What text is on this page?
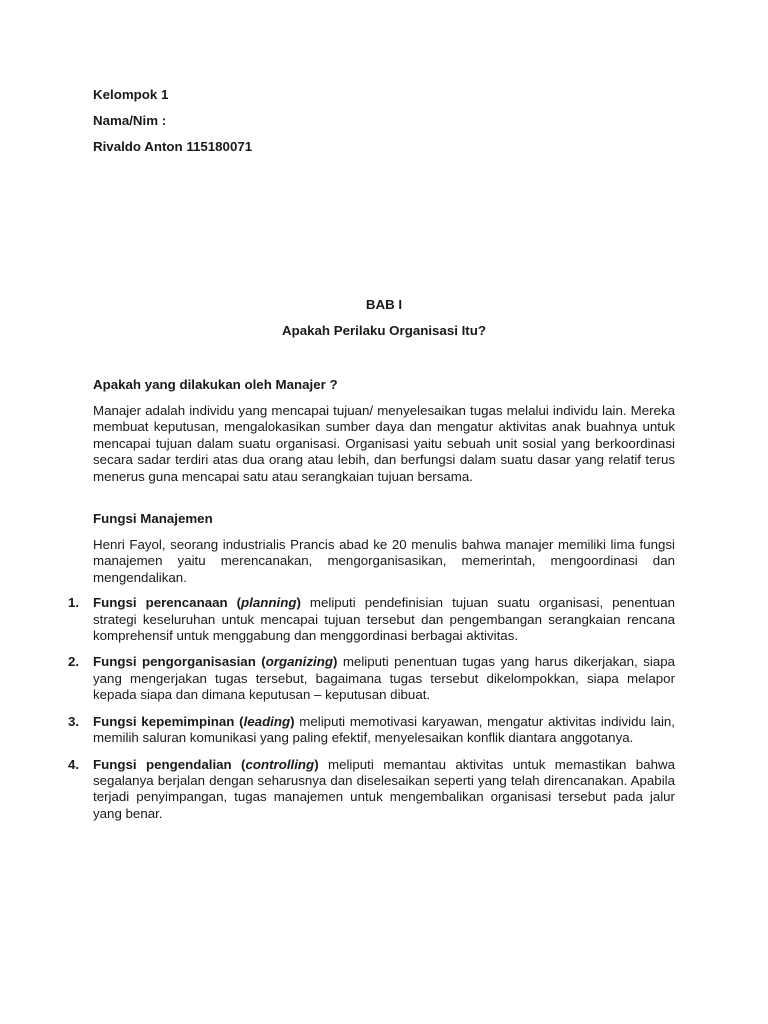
Kelompok 1

Nama/Nim :

Rivaldo Anton 115180071

BAB I

Apakah Perilaku Organisasi Itu?

Apakah yang dilakukan oleh Manajer ?

Manajer adalah individu yang mencapai tujuan/ menyelesaikan tugas melalui individu lain. Mereka membuat keputusan, mengalokasikan sumber daya dan mengatur aktivitas anak buahnya untuk mencapai tujuan dalam suatu organisasi. Organisasi yaitu sebuah unit sosial yang berkoordinasi secara sadar terdiri atas dua orang atau lebih, dan berfungsi dalam suatu dasar yang relatif terus menerus guna mencapai satu atau serangkaian tujuan bersama.

Fungsi Manajemen

Henri Fayol, seorang industrialis Prancis abad ke 20 menulis bahwa manajer memiliki lima fungsi manajemen yaitu merencanakan, mengorganisasikan, memerintah, mengoordinasi dan mengendalikan.

1. Fungsi perencanaan (planning) meliputi pendefinisian tujuan suatu organisasi, penentuan strategi keseluruhan untuk mencapai tujuan tersebut dan pengembangan serangkaian rencana komprehensif untuk menggabung dan menggordinasi berbagai aktivitas.
2. Fungsi pengorganisasian (organizing) meliputi penentuan tugas yang harus dikerjakan, siapa yang mengerjakan tugas tersebut, bagaimana tugas tersebut dikelompokkan, siapa melapor kepada siapa dan dimana keputusan – keputusan dibuat.
3. Fungsi kepemimpinan (leading) meliputi memotivasi karyawan, mengatur aktivitas individu lain, memilih saluran komunikasi yang paling efektif, menyelesaikan konflik diantara anggotanya.
4. Fungsi pengendalian (controlling) meliputi memantau aktivitas untuk memastikan bahwa segalanya berjalan dengan seharusnya dan diselesaikan seperti yang telah direncanakan. Apabila terjadi penyimpangan, tugas manajemen untuk mengembalikan organisasi tersebut pada jalur yang benar.
